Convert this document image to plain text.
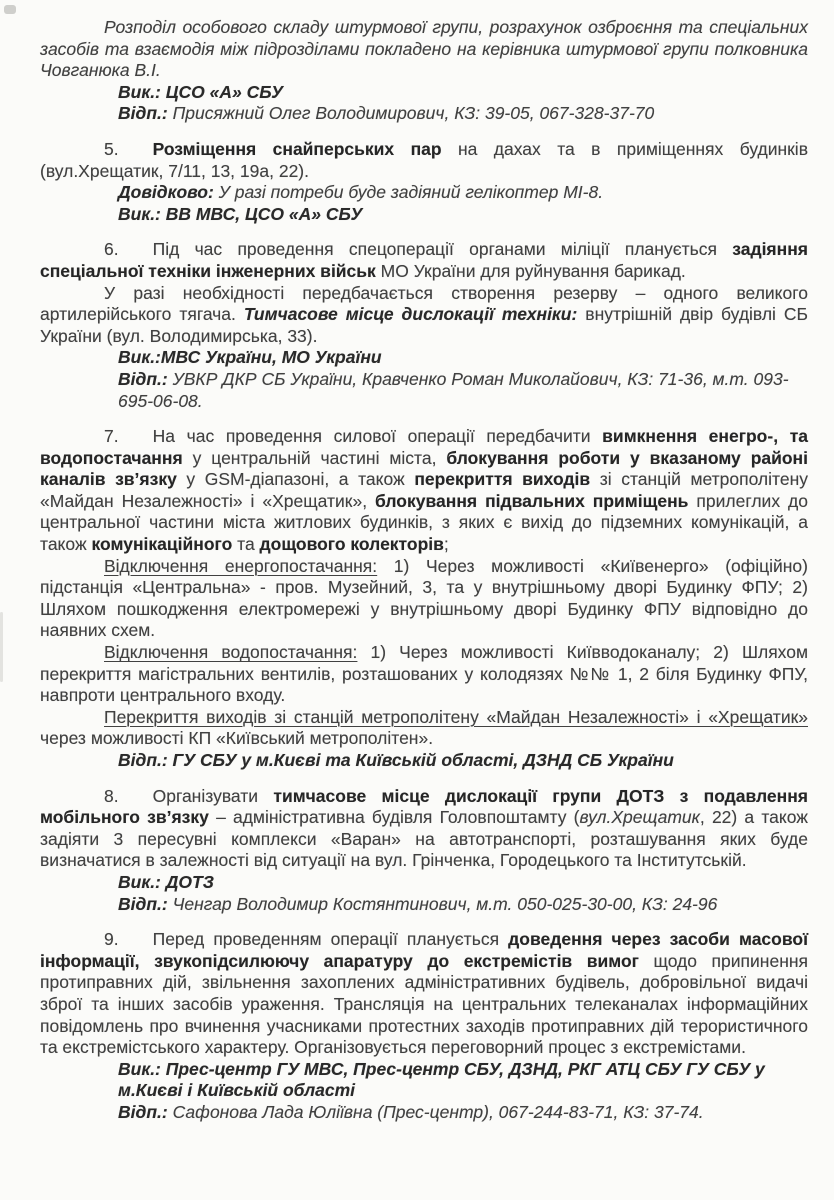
Розподіл особового складу штурмової групи, розрахунок озброєння та спеціальних засобів та взаємодія між підрозділами покладено на керівника штурмової групи полковника Човганюка В.І.

Вик.: ЦСО «А» СБУ

Відп.: Присяжний Олег Володимирович, КЗ: 39-05, 067-328-37-70

5. Розміщення снайперських пар на дахах та в приміщеннях будинків (вул.Хрещатик, 7/11, 13, 19а, 22).

Довідково: У разі потреби буде задіяний гелікоптер МІ-8.

Вик.: ВВ МВС, ЦСО «А» СБУ

6. Під час проведення спецоперації органами міліції планується задіяння спеціальної техніки інженерних військ МО України для руйнування барикад.

У разі необхідності передбачається створення резерву – одного великого артилерійського тягача. Тимчасове місце дислокації техніки: внутрішній двір будівлі СБ України (вул. Володимирська, 33).

Вик.:МВС України, МО України

Відп.: УВКР ДКР СБ України, Кравченко Роман Миколайович, КЗ: 71-36, м.т. 093-695-06-08.

7. На час проведення силової операції передбачити вимкнення енегро-, та водопостачання у центральній частині міста, блокування роботи у вказаному районі каналів зв’язку у GSM-діапазоні, а також перекриття виходів зі станцій метрополітену «Майдан Незалежності» і «Хрещатик», блокування підвальних приміщень прилеглих до центральної частини міста житлових будинків, з яких є вихід до підземних комунікацій, а також комунікаційного та дощового колекторів;

Відключення енергопостачання: 1) Через можливості «Київенерго» (офіційно) підстанція «Центральна» - пров. Музейний, 3, та у внутрішньому дворі Будинку ФПУ; 2) Шляхом пошкодження електромережі у внутрішньому дворі Будинку ФПУ відповідно до наявних схем.

Відключення водопостачання: 1) Через можливості Київводоканалу; 2) Шляхом перекриття магістральних вентилів, розташованих у колодязях №№ 1, 2 біля Будинку ФПУ, навпроти центрального входу.

Перекриття виходів зі станцій метрополітену «Майдан Незалежності» і «Хрещатик» через можливості КП «Київський метрополітен».

Відп.: ГУ СБУ у м.Києві та Київській області, ДЗНД СБ України

8. Організувати тимчасове місце дислокації групи ДОТЗ з подавлення мобільного зв’язку – адміністративна будівля Головпоштамту (вул.Хрещатик, 22) а також задіяти 3 пересувні комплекси «Варан» на автотранспорті, розташування яких буде визначатися в залежності від ситуації на вул. Грінченка, Городецького та Інститутській.

Вик.: ДОТЗ

Відп.: Ченгар Володимир Костянтинович, м.т. 050-025-30-00, КЗ: 24-96

9. Перед проведенням операції планується доведення через засоби масової інформації, звукопідсилюючу апаратуру до екстремістів вимог щодо припинення протиправних дій, звільнення захоплених адміністративних будівель, добровільної видачі зброї та інших засобів ураження. Трансляція на центральних телеканалах інформаційних повідомлень про вчинення учасниками протестних заходів протиправних дій терористичного та екстремістського характеру. Організовується переговорний процес з екстремістами.

Вик.: Прес-центр ГУ МВС, Прес-центр СБУ, ДЗНД, РКГ АТЦ СБУ ГУ СБУ у м.Києві і Київській області

Відп.: Сафонова Лада Юліївна (Прес-центр), 067-244-83-71, КЗ: 37-74.
